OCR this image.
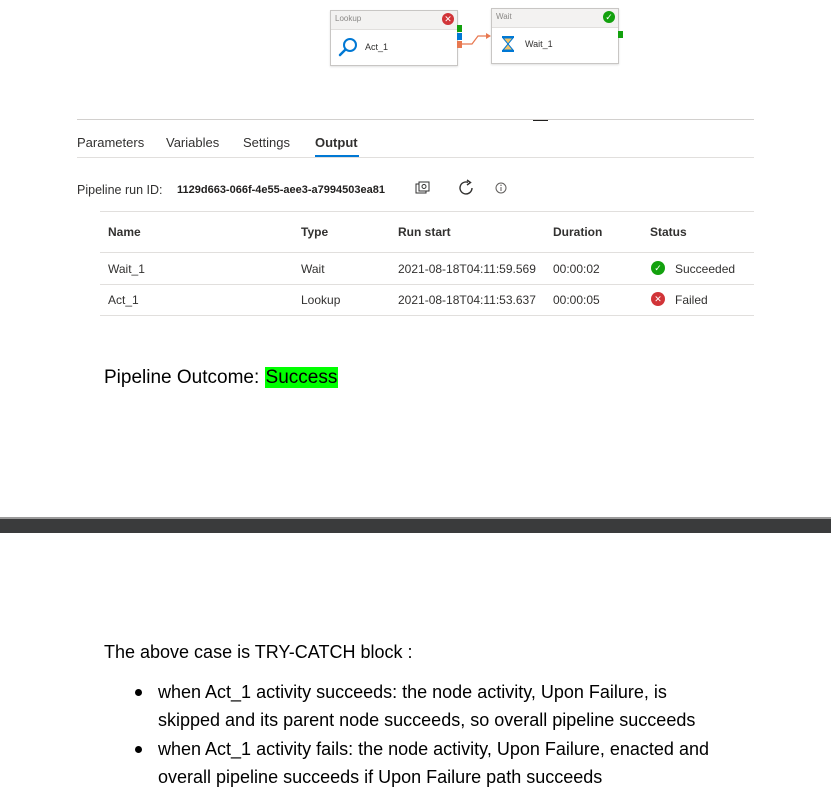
Lookup	✕
Act_1
Wait	✓
Wait_1
Parameters Variables Settings Output
Pipeline run ID: 1129d663-066f-4e55-aee3-a7994503ea81
Name	Type	Run start	Duration	Status
Wait_1	Wait	2021-08-18T04:11:59.569 00:00:02	✓ Succeeded
Act_1	Lookup	2021-08-18T04:11:53.637 00:00:05	✕ Failed
Pipeline Outcome: Success
The above case is TRY-CATCH block :
when Act_1 activity succeeds: the node activity, Upon Failure, is
skipped and its parent node succeeds, so overall pipeline succeeds
when Act_1 activity fails: the node activity, Upon Failure, enacted and
overall pipeline succeeds if Upon Failure path succeeds
